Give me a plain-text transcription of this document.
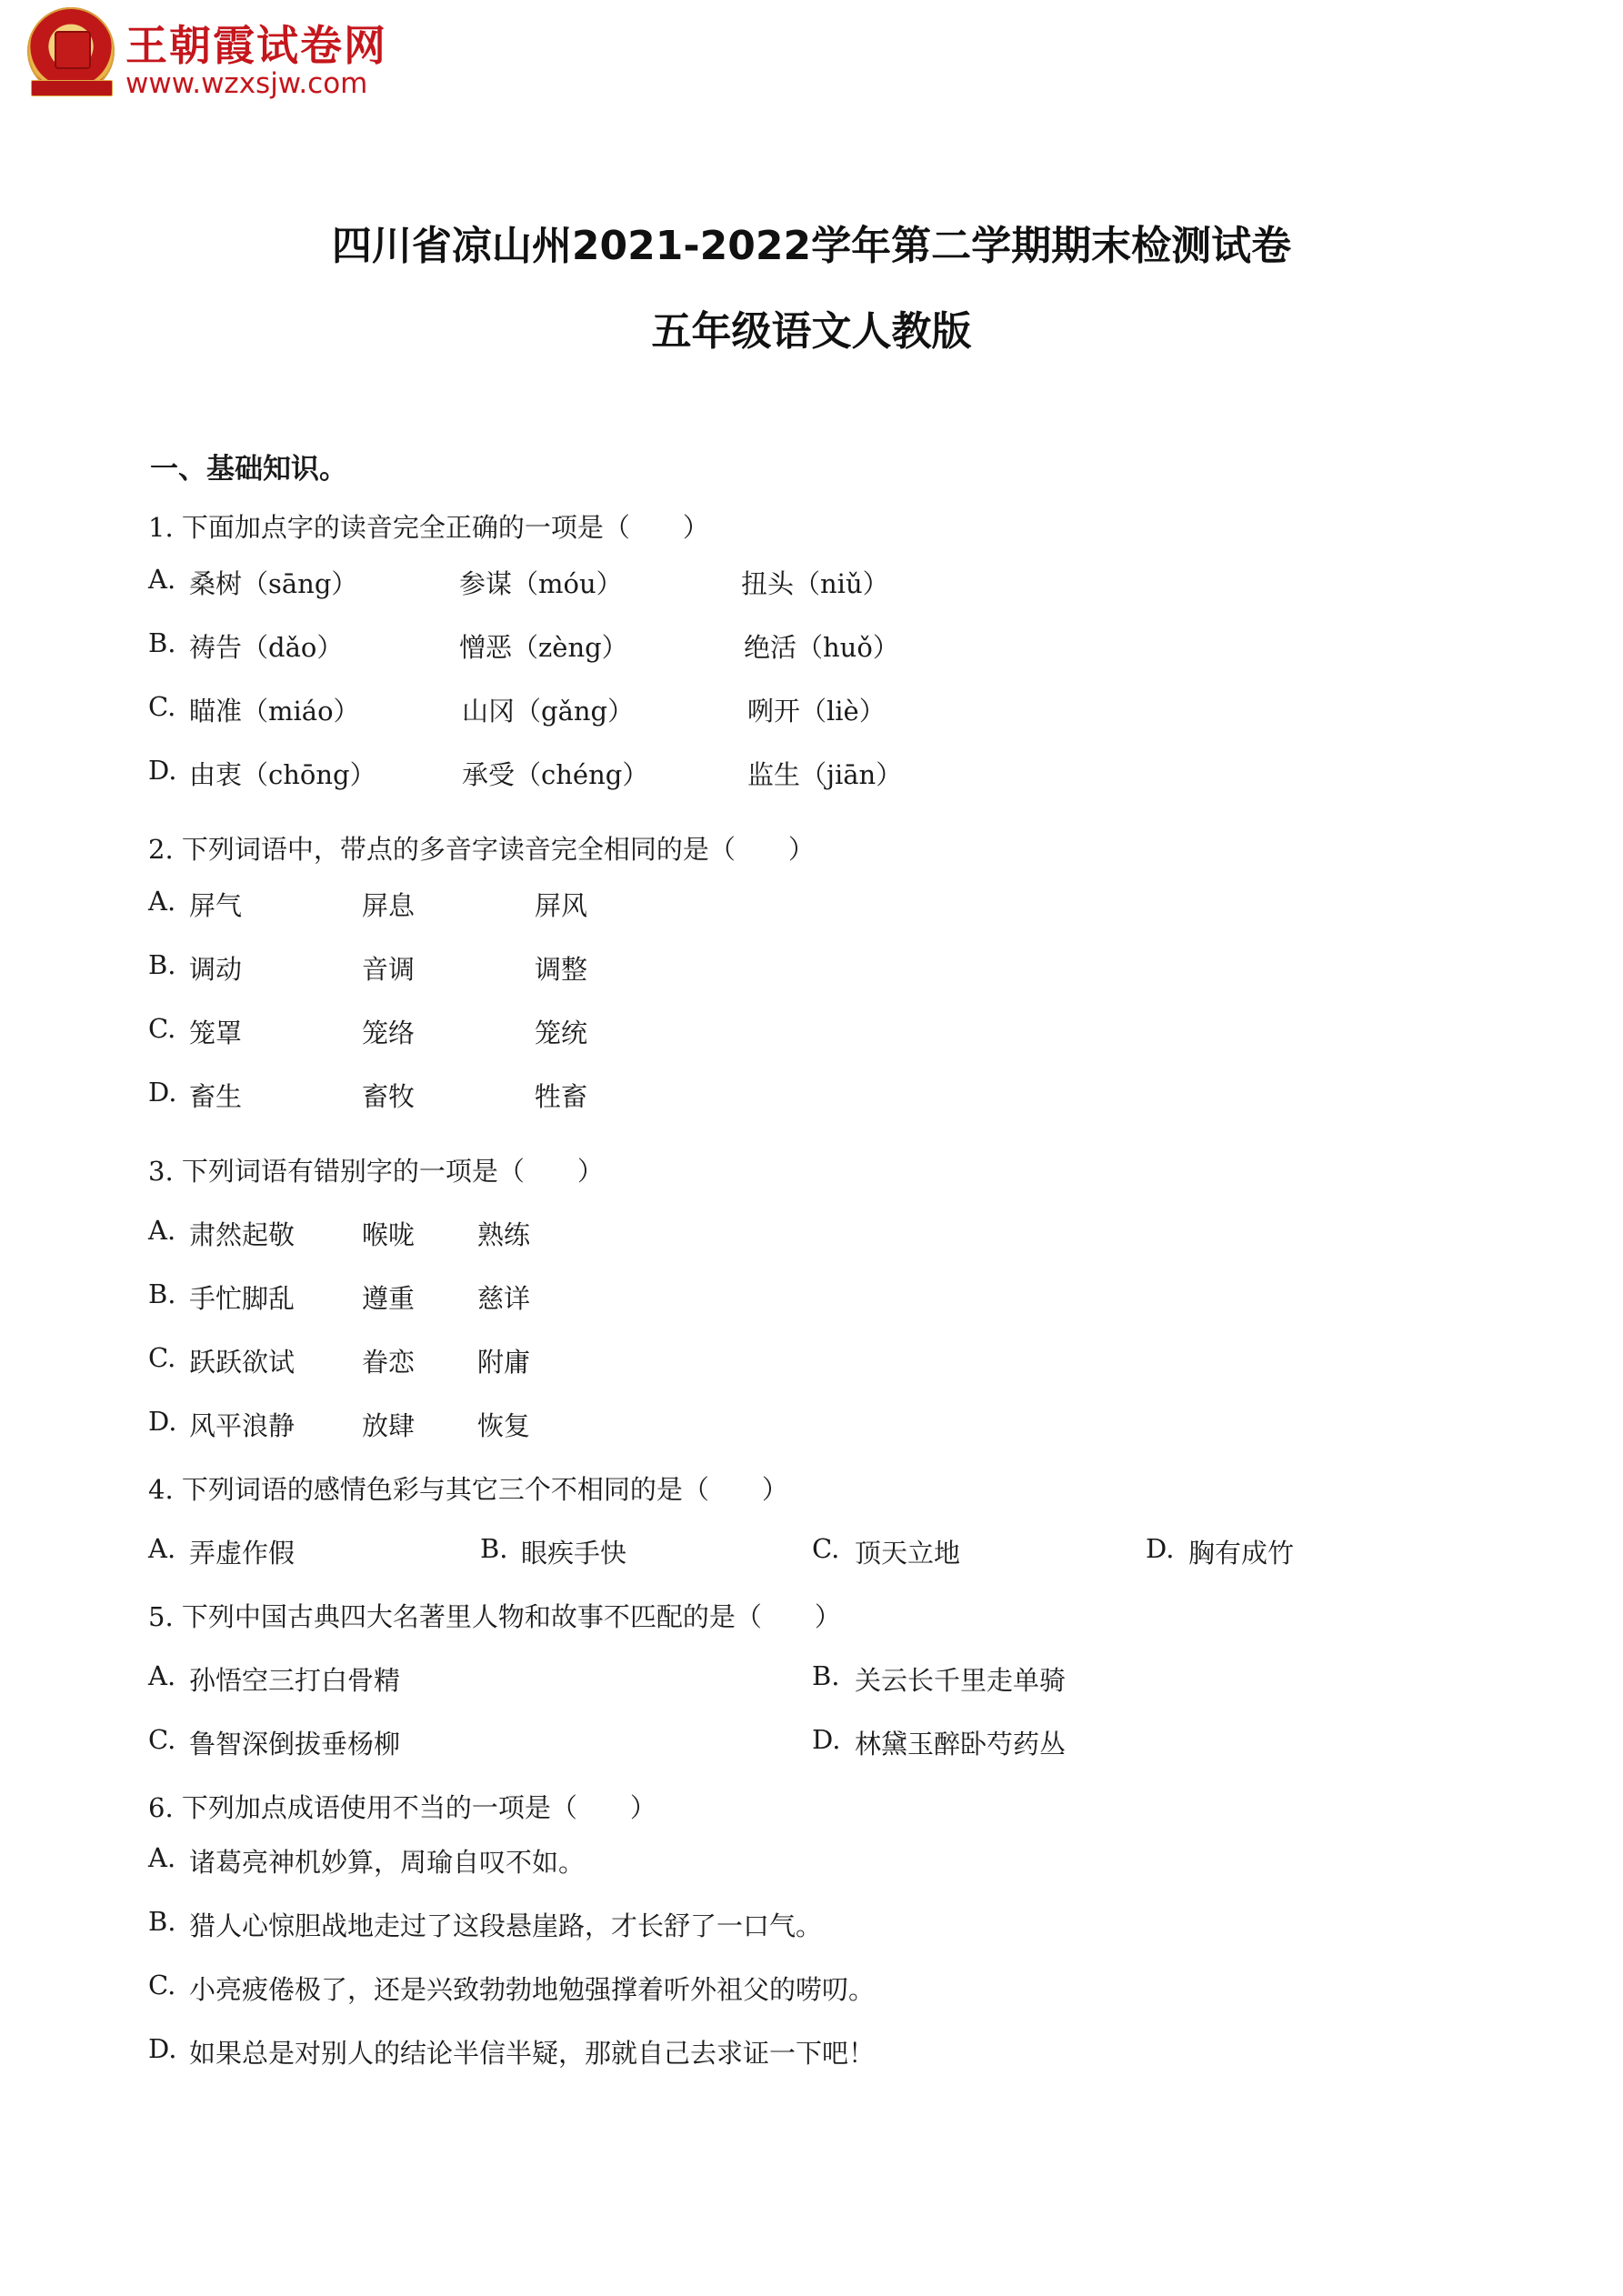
王朝霞试卷网
www.wzxsjw.com
四川省凉山州2021-2022学年第二学期期末检测试卷
五年级语文人教版
一、基础知识。
1. 下面加点字的读音完全正确的一项是（　　）
A. 桑树（sāng）	参谋（móu）	扭头（niǔ）
B. 祷告（dǎo）	憎恶（zèng）	绝活（huǒ）
C. 瞄准（miáo）	山冈（gǎng）	咧开（liè）
D. 由衷（chōng）	承受（chéng）	监生（jiān）
2. 下列词语中，带点的多音字读音完全相同的是（　　）
A. 屏气	屏息	屏风
B. 调动	音调	调整
C. 笼罩	笼络	笼统
D. 畜生	畜牧	牲畜
3. 下列词语有错别字的一项是（　　）
A. 肃然起敬	喉咙 熟练
B. 手忙脚乱	遵重 慈详
C. 跃跃欲试	眷恋 附庸
D. 风平浪静	放肆 恢复
4. 下列词语的感情色彩与其它三个不相同的是（　　）
A. 弄虚作假	B. 眼疾手快	C. 顶天立地	D. 胸有成竹
5. 下列中国古典四大名著里人物和故事不匹配的是（　　）
A. 孙悟空三打白骨精	B. 关云长千里走单骑
C. 鲁智深倒拔垂杨柳	D. 林黛玉醉卧芍药丛
6. 下列加点成语使用不当的一项是（　　）
A. 诸葛亮神机妙算，周瑜自叹不如。
B. 猎人心惊胆战地走过了这段悬崖路，才长舒了一口气。
C. 小亮疲倦极了，还是兴致勃勃地勉强撑着听外祖父的唠叨。
D. 如果总是对别人的结论半信半疑，那就自己去求证一下吧！
